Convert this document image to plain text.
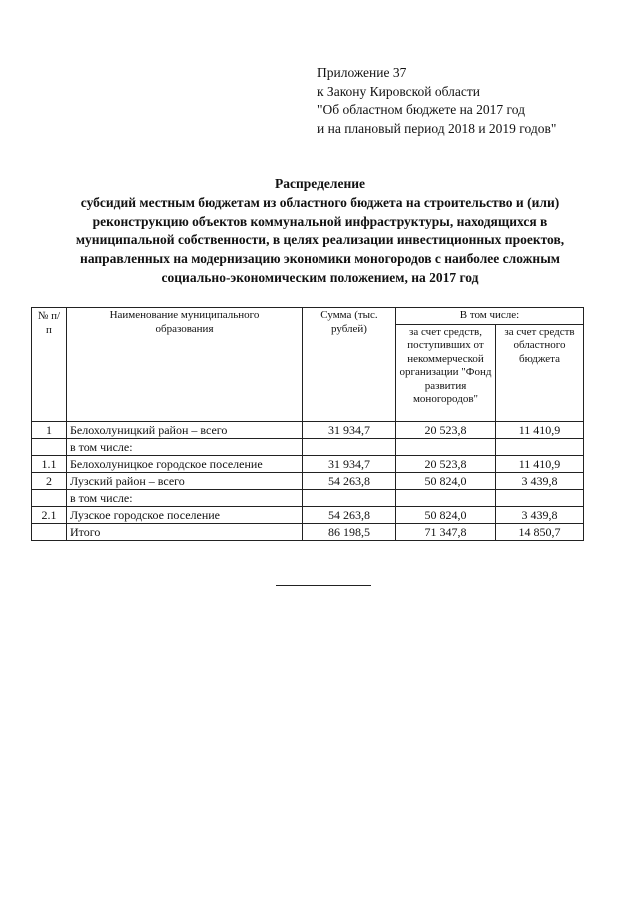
Приложение 37
к Закону Кировской области
"Об областном бюджете на 2017 год
и на плановый период 2018 и 2019 годов"
Распределение
субсидий местным бюджетам из областного бюджета на строительство и (или)
реконструкцию объектов коммунальной инфраструктуры, находящихся в
муниципальной собственности, в целях реализации инвестиционных проектов,
направленных на модернизацию экономики моногородов с наиболее сложным
социально-экономическим положением, на 2017 год
№ п/п	Наименование муниципального образования	Сумма (тыс. рублей)	В том числе:	
			за счет средств, поступивших от некоммерческой организации "Фонд развития моногородов"	за счет средств областного бюджета
1	Белохолуницкий район – всего	31 934,7	20 523,8	11 410,9
	в том числе:			
1.1	Белохолуницкое городское поселение	31 934,7	20 523,8	11 410,9
2	Лузский район – всего	54 263,8	50 824,0	3 439,8
	в том числе:			
2.1	Лузское городское поселение	54 263,8	50 824,0	3 439,8
	Итого	86 198,5	71 347,8	14 850,7
